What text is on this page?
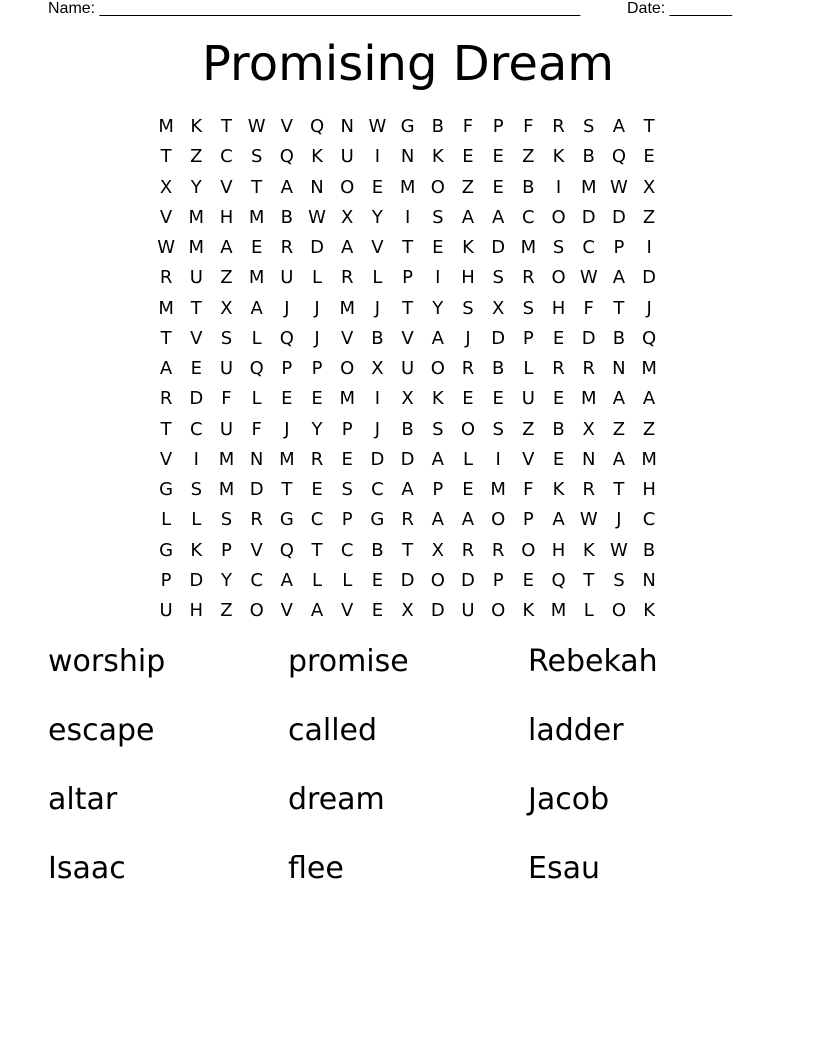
Name: ______________________________________________________	Date: _______
Promising Dream
M K	T W V Q N W G B	F	P	F	R	S	A	T
T	Z C	S Q K U	I	N K	E	E	Z	K	B Q E
X	Y	V	T	A N O E M O Z	E	B	I	M W X
V M H M B W X	Y	I	S	A A C O D D Z
W M A	E	R D A V	T	E	K D M S	C	P	I
R U Z M U	L	R	L	P	I	H S	R O W A D
M T	X A	J	J	M	J	T	Y	S	X	S H	F	T	J
T	V	S	L	Q	J	V B V A	J	D P	E D B Q
A	E U Q P	P O X U O R B	L	R R N M
R D	F	L	E	E M	I	X	K	E	E U E M A A
T	C U	F	J	Y	P	J	B	S O S	Z B X Z Z
V	I	M N M R	E D D A	L	I	V	E N A M
G S M D T	E	S	C A	P	E M F	K	R	T H
L	L	S	R G C	P G R A A O P	A W	J	C
G K	P	V Q T	C B	T	X R R O H K W B
P D Y	C A	L	L	E D O D P	E Q T	S N
U H Z O V A V	E	X D U O K M L	O K
worship	promise	Rebekah
escape	called	ladder
altar	dream	Jacob
Isaac	flee	Esau
